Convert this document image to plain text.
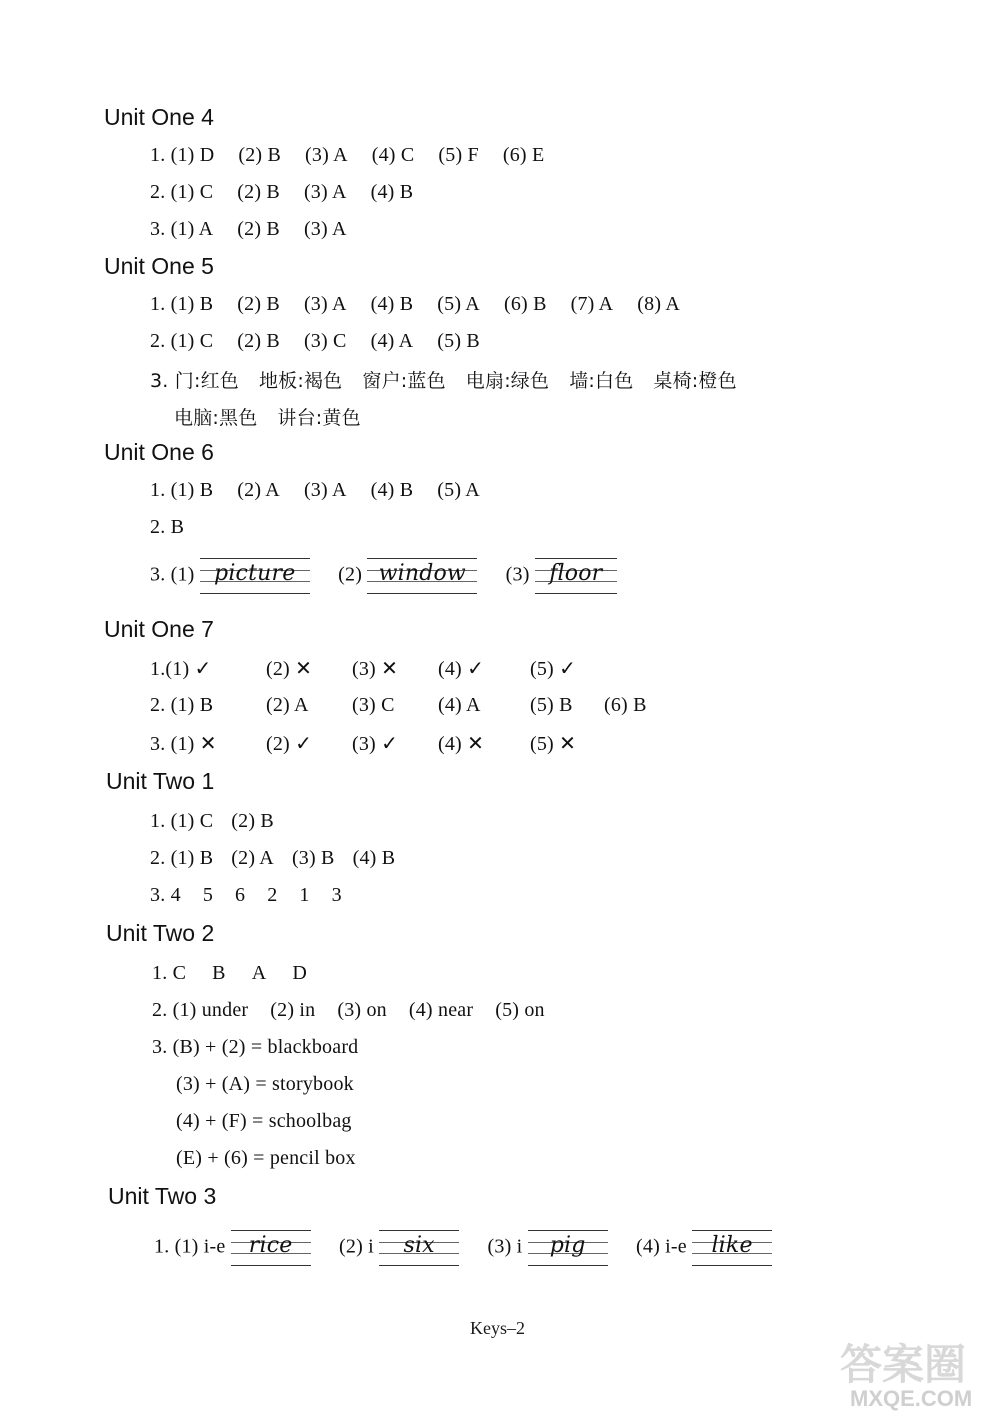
Unit One 4
1. (1) D (2) B (3) A (4) C (5) F (6) E
2. (1) C (2) B (3) A (4) B
3. (1) A (2) B (3) A
Unit One 5
1. (1) B (2) B (3) A (4) B (5) A (6) B (7) A (8) A
2. (1) C (2) B (3) C (4) A (5) B
3. 门:红色 地板:褐色 窗户:蓝色 电扇:绿色 墙:白色 桌椅:橙色
电脑:黑色 讲台:黄色
Unit One 6
1. (1) B (2) A (3) A (4) B (5) A
2. B
3. (1) picture (2) window (3) floor
Unit One 7
1.(1) ✓	(2) ✕ (3) ✕ (4) ✓ (5) ✓
2. (1) B	(2) A (3) C (4) A (5) B (6) B
3. (1) ✕ (2) ✓ (3) ✓ (4) ✕ (5) ✕
Unit Two 1
1. (1) C (2) B
2. (1) B (2) A (3) B (4) B
3. 4 5 6 2 1 3
Unit Two 2
1. C B A D
2. (1) under (2) in (3) on (4) near (5) on
3. (B) + (2) = blackboard
(3) + (A) = storybook
(4) + (F) = schoolbag
(E) + (6) = pencil box
Unit Two 3
1. (1) i-e rice (2) i six	(3) i pig	(4) i-e like
Keys–2
答案圈
MXQE.COM
